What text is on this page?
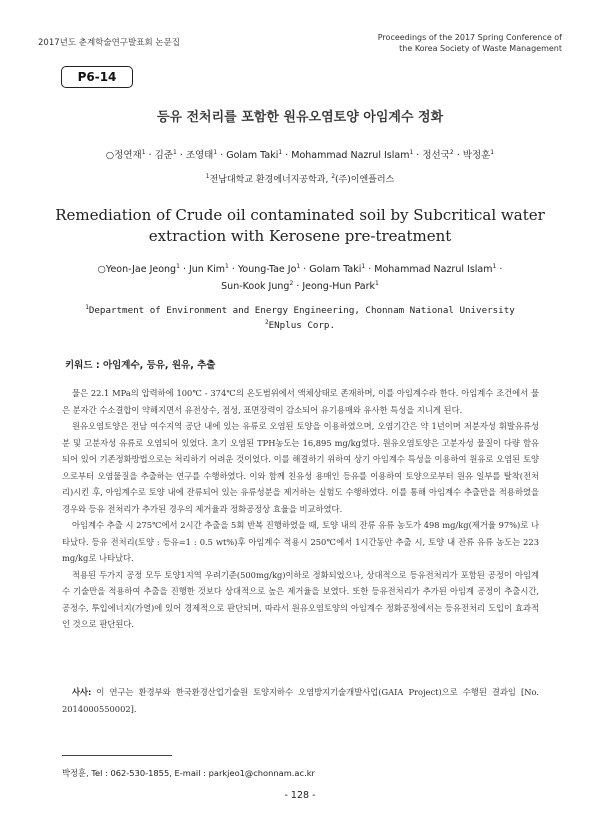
2017년도 춘계학술연구발표회 논문집
Proceedings of the 2017 Spring Conference of
the Korea Society of Waste Management
P6-14
등유 전처리를 포함한 원유오염토양 아임계수 정화
○정연재$^1$ · 김준$^1$ · 조영태$^1$ · Golam Taki$^1$ · Mohammad Nazrul Islam$^1$ · 정선국$^2$ · 박정훈$^1$
$^1$전남대학교 환경에너지공학과, $^2$(주)이엔플러스
Remediation of Crude oil contaminated soil by Subcritical water extraction with Kerosene pre-treatment
○Yeon-Jae Jeong$^1$ · Jun Kim$^1$ · Young-Tae $Jo^1$ · Golam Taki$^1$ · Mohammad Nazrul Islam$^1$ ·
Sun-Kook Jung$^2$ · Jeong-Hun Park$^1$
$^1$Department of Environment and Energy Engineering, Chonnam National University
$^2$ENplus Corp.
키워드 : 아임계수, 등유, 원유, 추출

물은 22.1 MPa의 압력하에 100℃ - 374℃의 온도범위에서 액체상태로 존재하며, 이를 아임계수라 한다. 아임계수 조건에서 물은 분자간 수소결합이 약해지면서 유전상수, 점성, 표면장력이 감소되어 유기용매와 유사한 특성을 지니게 된다.

원유오염토양은 전남 여수지역 공단 내에 있는 유류로 오염된 토양을 이용하였으며, 오염기간은 약 1년이며 저분자성 휘발유류성분 및 고분자성 유류로 오염되어 있었다. 초기 오염된 TPH농도는 16,895 mg/kg였다. 원유오염토양은 고분자성 물질이 다량 함유되어 있어 기존정화방법으로는 처리하기 어려운 것이었다. 이를 해결하기 위하여 상기 아임계수 특성을 이용하여 원유로 오염된 토양으로부터 오염물질을 추출하는 연구를 수행하였다. 이와 함께 친유성 용매인 등유를 이용하여 토양으로부터 원유 일부를 탈착(전처리)시킨 후, 아임계수로 토양 내에 잔류되어 있는 유류성분을 제거하는 실험도 수행하였다. 이를 통해 아임계수 추출만을 적용하였을 경우와 등유 전처리가 추가된 경우의 제거율과 정화공정상 효율을 비교하였다.

아임계수 추출 시 275℃에서 2시간 추출을 5회 반복 진행하였을 때, 토양 내의 잔류 유류 농도가 498 mg/kg(제거율 97%)로 나타났다. 등유 전처리(토양 : 등유=1 : 0.5 wt%)후 아임계수 적용시 250℃에서 1시간동안 추출 시, 토양 내 잔류 유류 농도는 223 mg/kg로 나타났다.

적용된 두가지 공정 모두 토양1지역 우려기준(500mg/kg)이하로 정화되었으나, 상대적으로 등유전처리가 포함된 공정이 아임계수 기술만을 적용하여 추출을 진행한 것보다 상대적으로 높은 제거율을 보였다. 또한 등유전처리가 추가된 아임계 공정이 추출시간, 공정수, 투입에너지(가열)에 있어 경제적으로 판단되며, 따라서 원유오염토양의 아임계수 정화공정에서는 등유전처리 도입이 효과적인 것으로 판단된다.

사사: 이 연구는 환경부와 한국환경산업기술원 토양지하수 오염방지기술개발사업(GAIA Project)으로 수행된 결과임 [No. 2014000550002].
박정훈, Tel : 062-530-1855, E-mail : parkjeo1@chonnam.ac.kr
- 128 -
